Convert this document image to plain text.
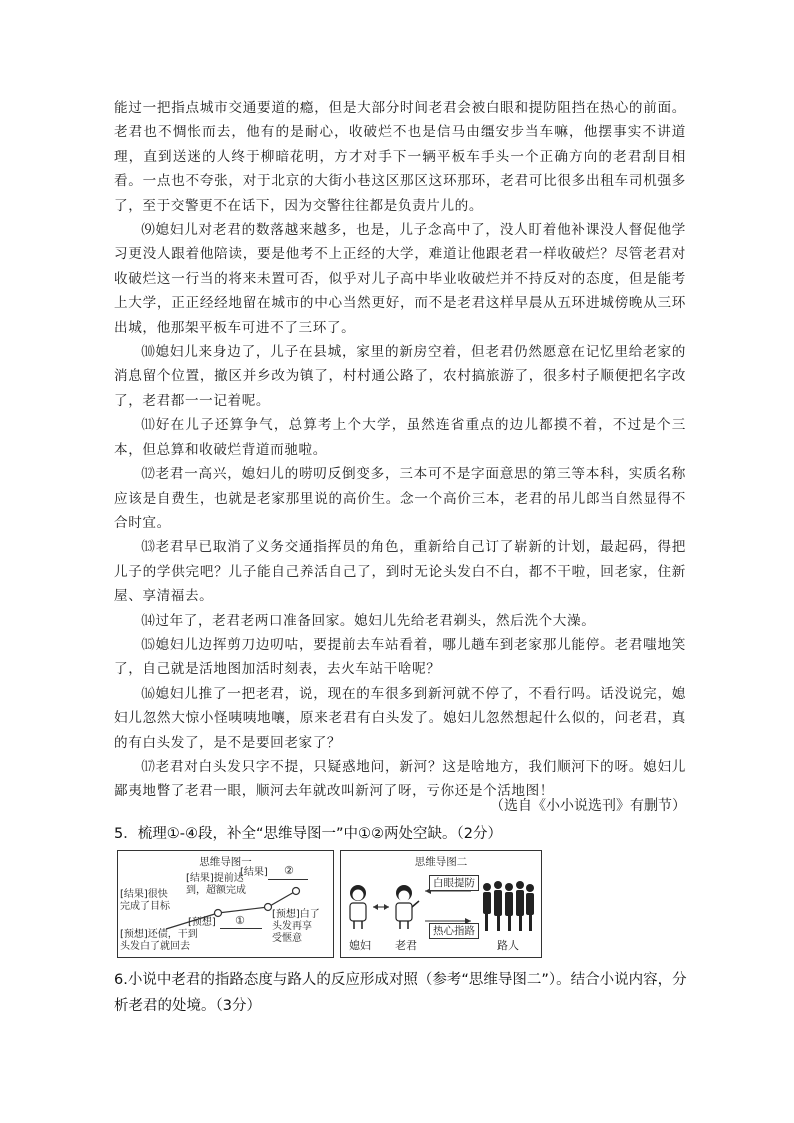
能过一把指点城市交通要道的瘾，但是大部分时间老君会被白眼和提防阻挡在热心的前面。老君也不惆怅而去，他有的是耐心，收破烂不也是信马由缰安步当车嘛，他摆事实不讲道理，直到送迷的人终于柳暗花明，方才对手下一辆平板车手头一个正确方向的老君刮目相看。一点也不夸张，对于北京的大街小巷这区那区这环那环，老君可比很多出租车司机强多了，至于交警更不在话下，因为交警往往都是负责片儿的。

⑼媳妇儿对老君的数落越来越多，也是，儿子念高中了，没人盯着他补课没人督促他学习更没人跟着他陪读，要是他考不上正经的大学，难道让他跟老君一样收破烂？尽管老君对收破烂这一行当的将来未置可否，似乎对儿子高中毕业收破烂并不持反对的态度，但是能考上大学，正正经经地留在城市的中心当然更好，而不是老君这样早晨从五环进城傍晚从三环出城，他那架平板车可进不了三环了。

⑽媳妇儿来身边了，儿子在县城，家里的新房空着，但老君仍然愿意在记忆里给老家的消息留个位置，撤区并乡改为镇了，村村通公路了，农村搞旅游了，很多村子顺便把名字改了，老君都一一记着呢。

⑾好在儿子还算争气，总算考上个大学，虽然连省重点的边儿都摸不着，不过是个三本，但总算和收破烂背道而驰啦。

⑿老君一高兴，媳妇儿的唠叨反倒变多，三本可不是字面意思的第三等本科，实质名称应该是自费生，也就是老家那里说的高价生。念一个高价三本，老君的吊儿郎当自然显得不合时宜。

⒀老君早已取消了义务交通指挥员的角色，重新给自己订了崭新的计划，最起码，得把儿子的学供完吧？儿子能自己养活自己了，到时无论头发白不白，都不干啦，回老家，住新屋、享清福去。

⒁过年了，老君老两口准备回家。媳妇儿先给老君剃头，然后洗个大澡。

⒂媳妇儿边挥剪刀边叨咕，要提前去车站看着，哪儿趟车到老家那儿能停。老君嗤地笑了，自己就是活地图加活时刻表，去火车站干啥呢？

⒃媳妇儿推了一把老君，说，现在的车很多到新河就不停了，不看行吗。话没说完，媳妇儿忽然大惊小怪咦咦地嚷，原来老君有白头发了。媳妇儿忽然想起什么似的，问老君，真的有白头发了，是不是要回老家了？

⒄老君对白头发只字不提，只疑惑地问，新河？这是啥地方，我们顺河下的呀。媳妇儿鄙夷地瞥了老君一眼，顺河去年就改叫新河了呀，亏你还是个活地图！

（选自《小小说选刊》有删节）
5．梳理①-④段，补全“思维导图一”中①②两处空缺。（2分）
思维导图一
[结果]很快
完成了目标
[预想]还债，干到
头发白了就回去
[结果]提前达
到，超额完成
[结果] ②
[预想] ①	[预想]白了
头发再享
受惬意
思维导图二
白眼提防
热心指路
媳妇 老君	路人
6.小说中老君的指路态度与路人的反应形成对照（参考“思维导图二”）。结合小说内容，分析老君的处境。（3分）
